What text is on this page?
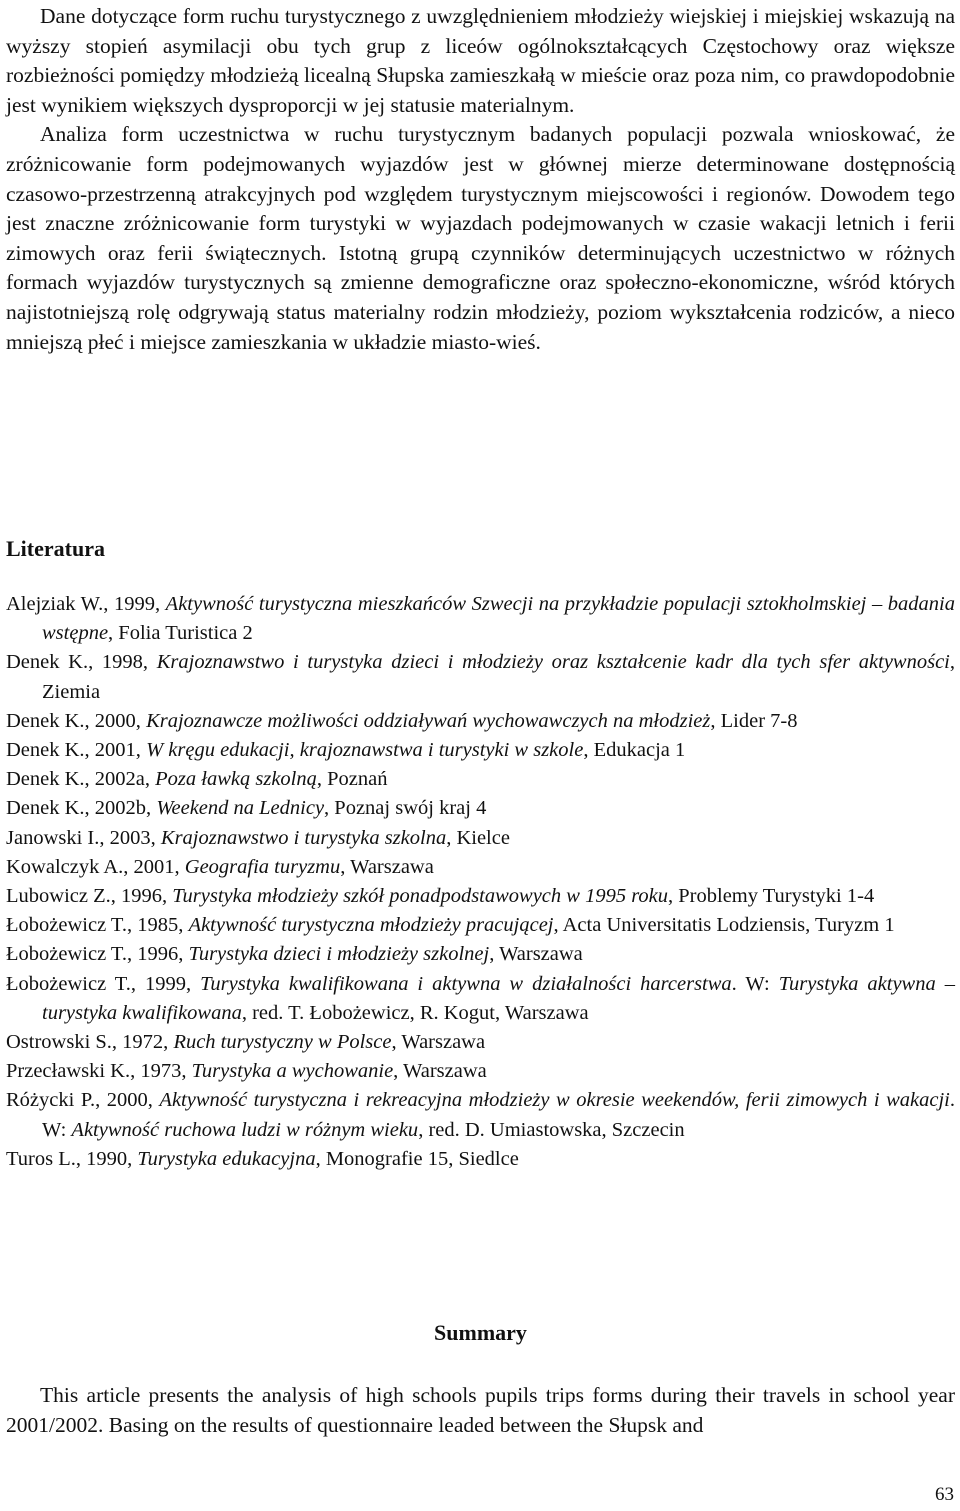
Dane dotyczące form ruchu turystycznego z uwzględnieniem młodzieży wiejskiej i miejskiej wskazują na wyższy stopień asymilacji obu tych grup z liceów ogólnokształcących Częstochowy oraz większe rozbieżności pomiędzy młodzieżą licealną Słupska zamieszkałą w mieście oraz poza nim, co prawdopodobnie jest wynikiem większych dysproporcji w jej statusie materialnym.

Analiza form uczestnictwa w ruchu turystycznym badanych populacji pozwala wnioskować, że zróżnicowanie form podejmowanych wyjazdów jest w głównej mierze determinowane dostępnością czasowo-przestrzenną atrakcyjnych pod względem turystycznym miejscowości i regionów. Dowodem tego jest znaczne zróżnicowanie form turystyki w wyjazdach podejmowanych w czasie wakacji letnich i ferii zimowych oraz ferii świątecznych. Istotną grupą czynników determinujących uczestnictwo w różnych formach wyjazdów turystycznych są zmienne demograficzne oraz społeczno-ekonomiczne, wśród których najistotniejszą rolę odgrywają status materialny rodzin młodzieży, poziom wykształcenia rodziców, a nieco mniejszą płeć i miejsce zamieszkania w układzie miasto-wieś.

Literatura

Alejziak W., 1999, Aktywność turystyczna mieszkańców Szwecji na przykładzie populacji sztokholmskiej – badania wstępne, Folia Turistica 2

Denek K., 1998, Krajoznawstwo i turystyka dzieci i młodzieży oraz kształcenie kadr dla tych sfer aktywności, Ziemia

Denek K., 2000, Krajoznawcze możliwości oddziaływań wychowawczych na młodzież, Lider 7-8

Denek K., 2001, W kręgu edukacji, krajoznawstwa i turystyki w szkole, Edukacja 1

Denek K., 2002a, Poza ławką szkolną, Poznań

Denek K., 2002b, Weekend na Lednicy, Poznaj swój kraj 4

Janowski I., 2003, Krajoznawstwo i turystyka szkolna, Kielce

Kowalczyk A., 2001, Geografia turyzmu, Warszawa

Lubowicz Z., 1996, Turystyka młodzieży szkół ponadpodstawowych w 1995 roku, Problemy Turystyki 1-4

Łobożewicz T., 1985, Aktywność turystyczna młodzieży pracującej, Acta Universitatis Lodziensis, Turyzm 1

Łobożewicz T., 1996, Turystyka dzieci i młodzieży szkolnej, Warszawa

Łobożewicz T., 1999, Turystyka kwalifikowana i aktywna w działalności harcerstwa. W: Turystyka aktywna – turystyka kwalifikowana, red. T. Łobożewicz, R. Kogut, Warszawa

Ostrowski S., 1972, Ruch turystyczny w Polsce, Warszawa

Przecławski K., 1973, Turystyka a wychowanie, Warszawa

Różycki P., 2000, Aktywność turystyczna i rekreacyjna młodzieży w okresie weekendów, ferii zimowych i wakacji. W: Aktywność ruchowa ludzi w różnym wieku, red. D. Umiastowska, Szczecin

Turos L., 1990, Turystyka edukacyjna, Monografie 15, Siedlce

Summary

This article presents the analysis of high schools pupils trips forms during their travels in school year 2001/2002. Basing on the results of questionnaire leaded between the Słupsk and

63
